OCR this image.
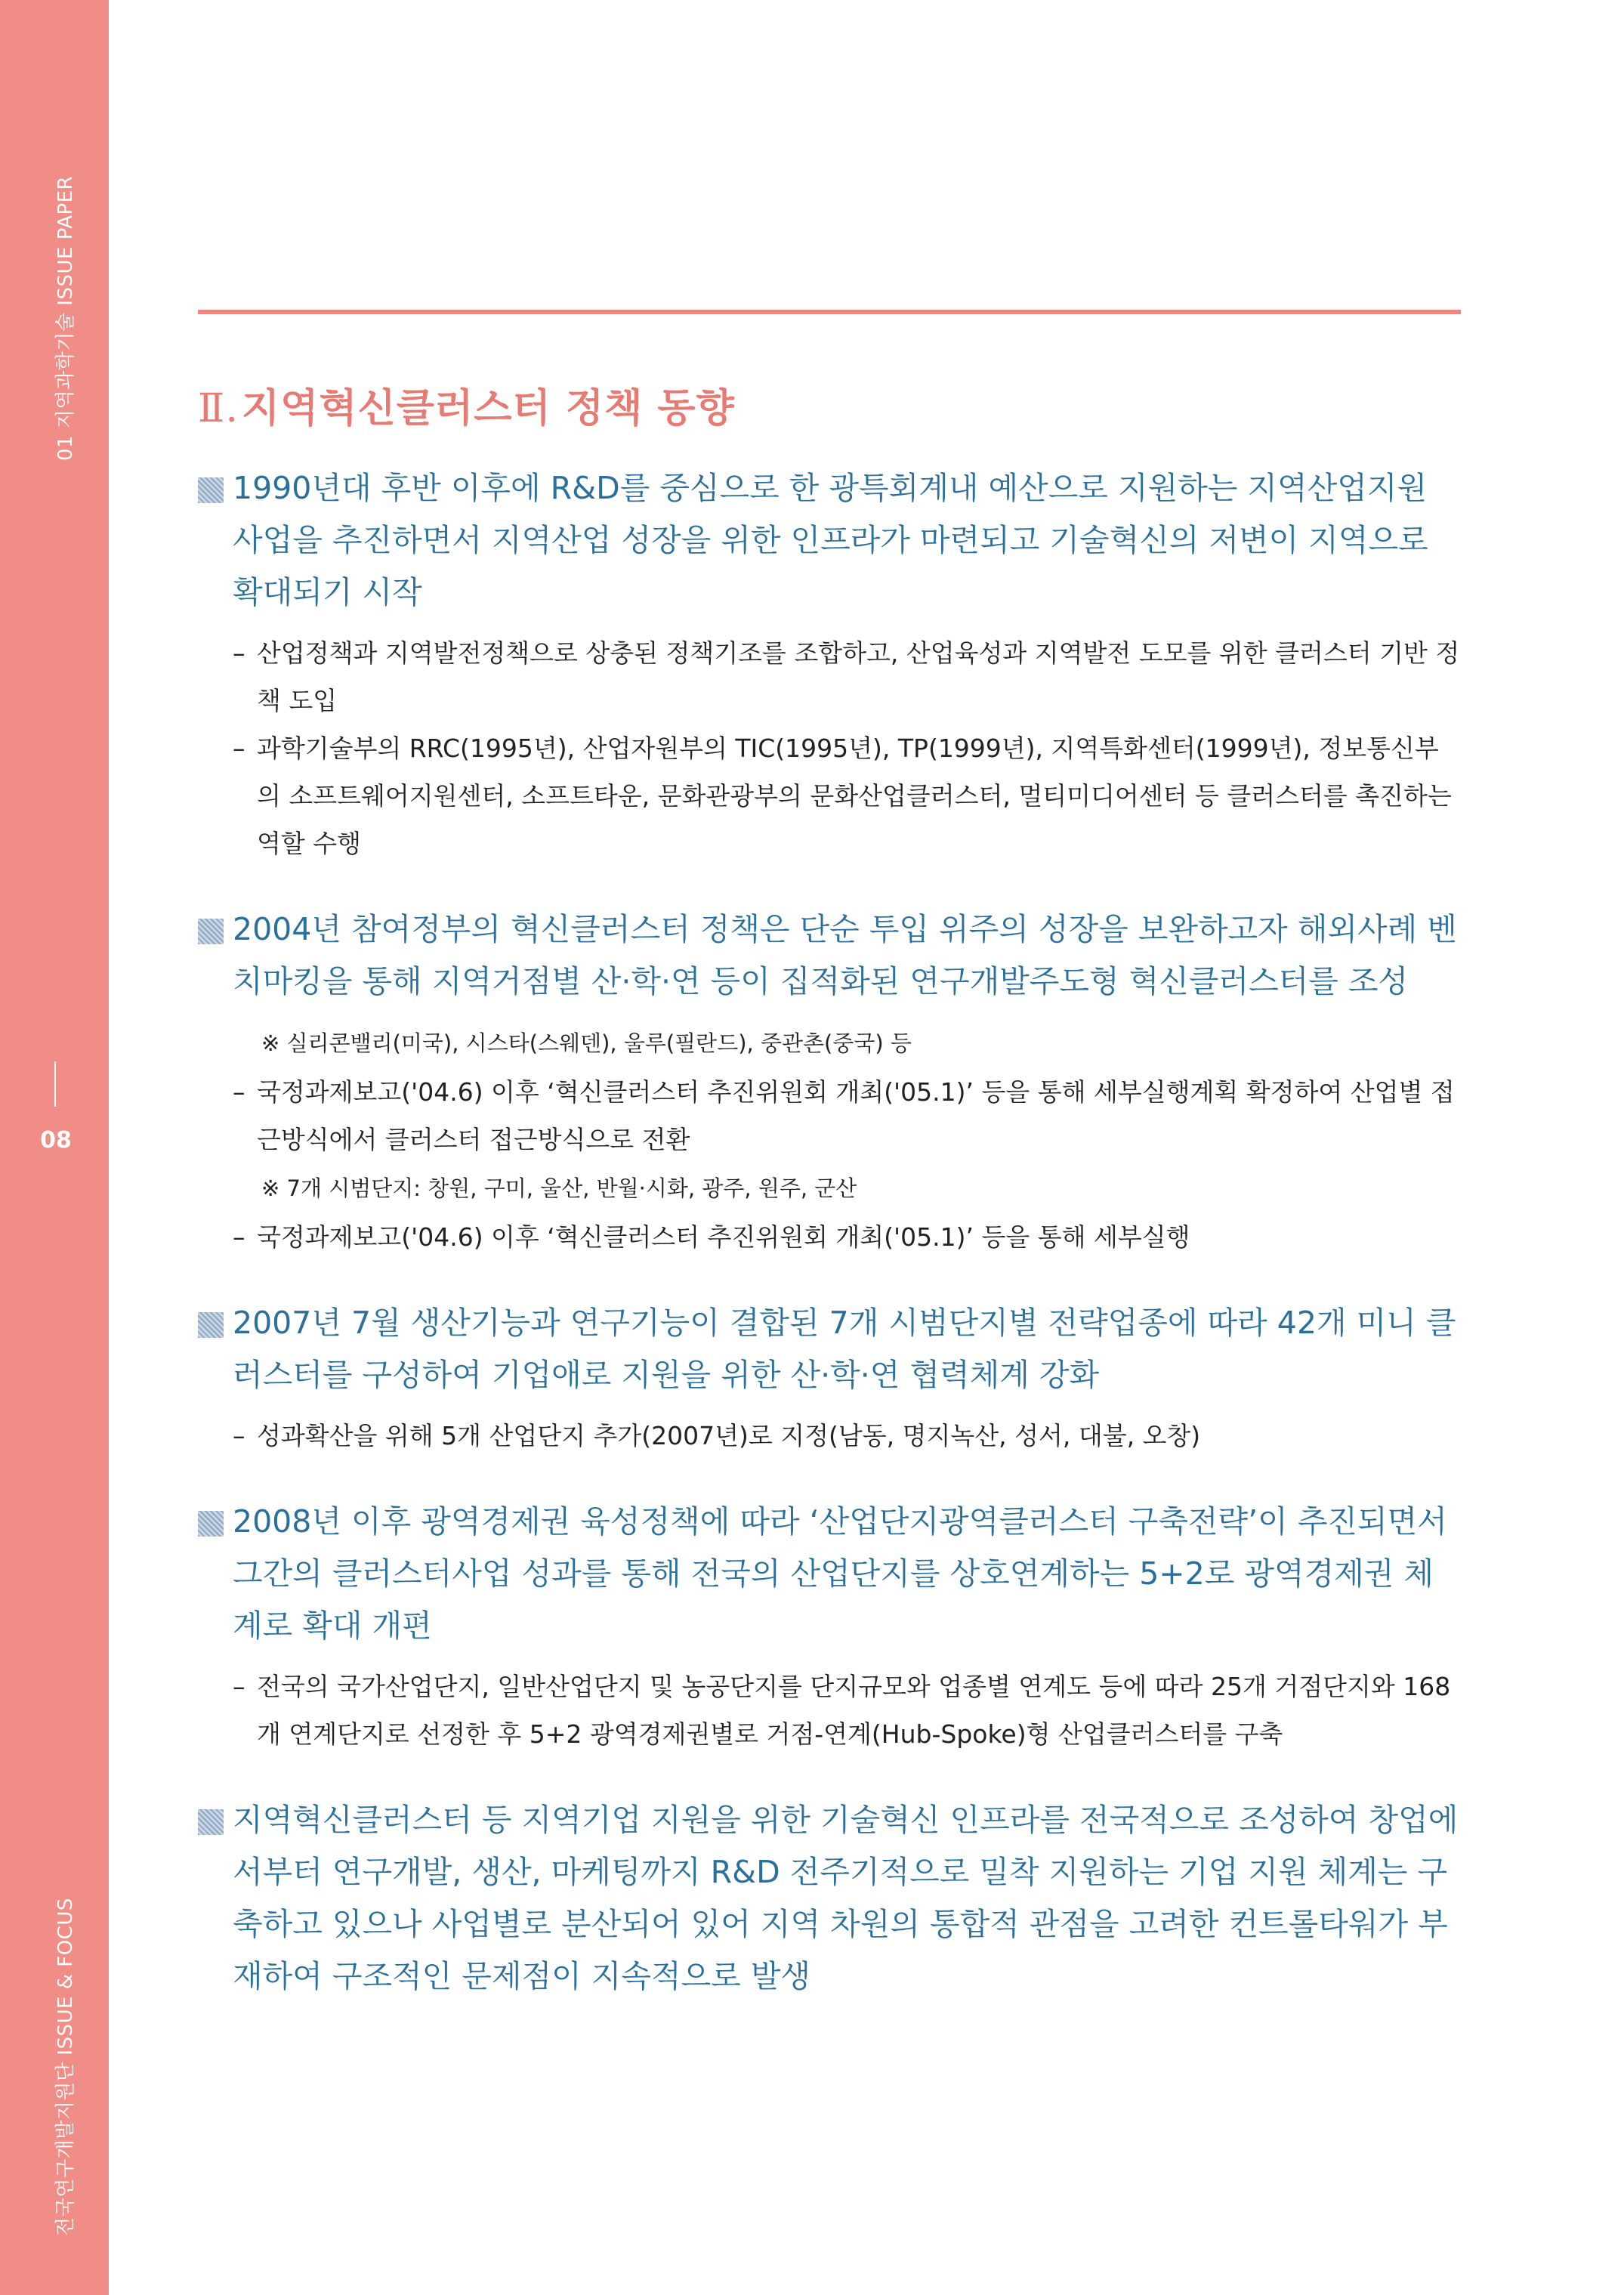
01 지역과학기술 ISSUE PAPER
08
전국연구개발지원단 ISSUE & FOCUS
Ⅱ.지역혁신클러스터 정책 동향
1990년대 후반 이후에 R&D를 중심으로 한 광특회계내 예산으로 지원하는 지역산업지원 사업을 추진하면서 지역산업 성장을 위한 인프라가 마련되고 기술혁신의 저변이 지역으로 확대되기 시작
– 산업정책과 지역발전정책으로 상충된 정책기조를 조합하고, 산업육성과 지역발전 도모를 위한 클러스터 기반 정책 도입
– 과학기술부의 RRC(1995년), 산업자원부의 TIC(1995년), TP(1999년), 지역특화센터(1999년), 정보통신부의 소프트웨어지원센터, 소프트타운, 문화관광부의 문화산업클러스터, 멀티미디어센터 등 클러스터를 촉진하는 역할 수행
2004년 참여정부의 혁신클러스터 정책은 단순 투입 위주의 성장을 보완하고자 해외사례 벤치마킹을 통해 지역거점별 산·학·연 등이 집적화된 연구개발주도형 혁신클러스터를 조성
※ 실리콘밸리(미국), 시스타(스웨덴), 울루(필란드), 중관촌(중국) 등
– 국정과제보고('04.6) 이후 ‘혁신클러스터 추진위원회 개최('05.1)’ 등을 통해 세부실행계획 확정하여 산업별 접근방식에서 클러스터 접근방식으로 전환
※ 7개 시범단지: 창원, 구미, 울산, 반월·시화, 광주, 원주, 군산
– 국정과제보고('04.6) 이후 ‘혁신클러스터 추진위원회 개최('05.1)’ 등을 통해 세부실행
2007년 7월 생산기능과 연구기능이 결합된 7개 시범단지별 전략업종에 따라 42개 미니 클러스터를 구성하여 기업애로 지원을 위한 산·학·연 협력체계 강화
– 성과확산을 위해 5개 산업단지 추가(2007년)로 지정(남동, 명지녹산, 성서, 대불, 오창)
2008년 이후 광역경제권 육성정책에 따라 ‘산업단지광역클러스터 구축전략’이 추진되면서 그간의 클러스터사업 성과를 통해 전국의 산업단지를 상호연계하는 5+2로 광역경제권 체계로 확대 개편
– 전국의 국가산업단지, 일반산업단지 및 농공단지를 단지규모와 업종별 연계도 등에 따라 25개 거점단지와 168개 연계단지로 선정한 후 5+2 광역경제권별로 거점-연계(Hub-Spoke)형 산업클러스터를 구축
지역혁신클러스터 등 지역기업 지원을 위한 기술혁신 인프라를 전국적으로 조성하여 창업에서부터 연구개발, 생산, 마케팅까지 R&D 전주기적으로 밀착 지원하는 기업 지원 체계는 구축하고 있으나 사업별로 분산되어 있어 지역 차원의 통합적 관점을 고려한 컨트롤타워가 부재하여 구조적인 문제점이 지속적으로 발생
